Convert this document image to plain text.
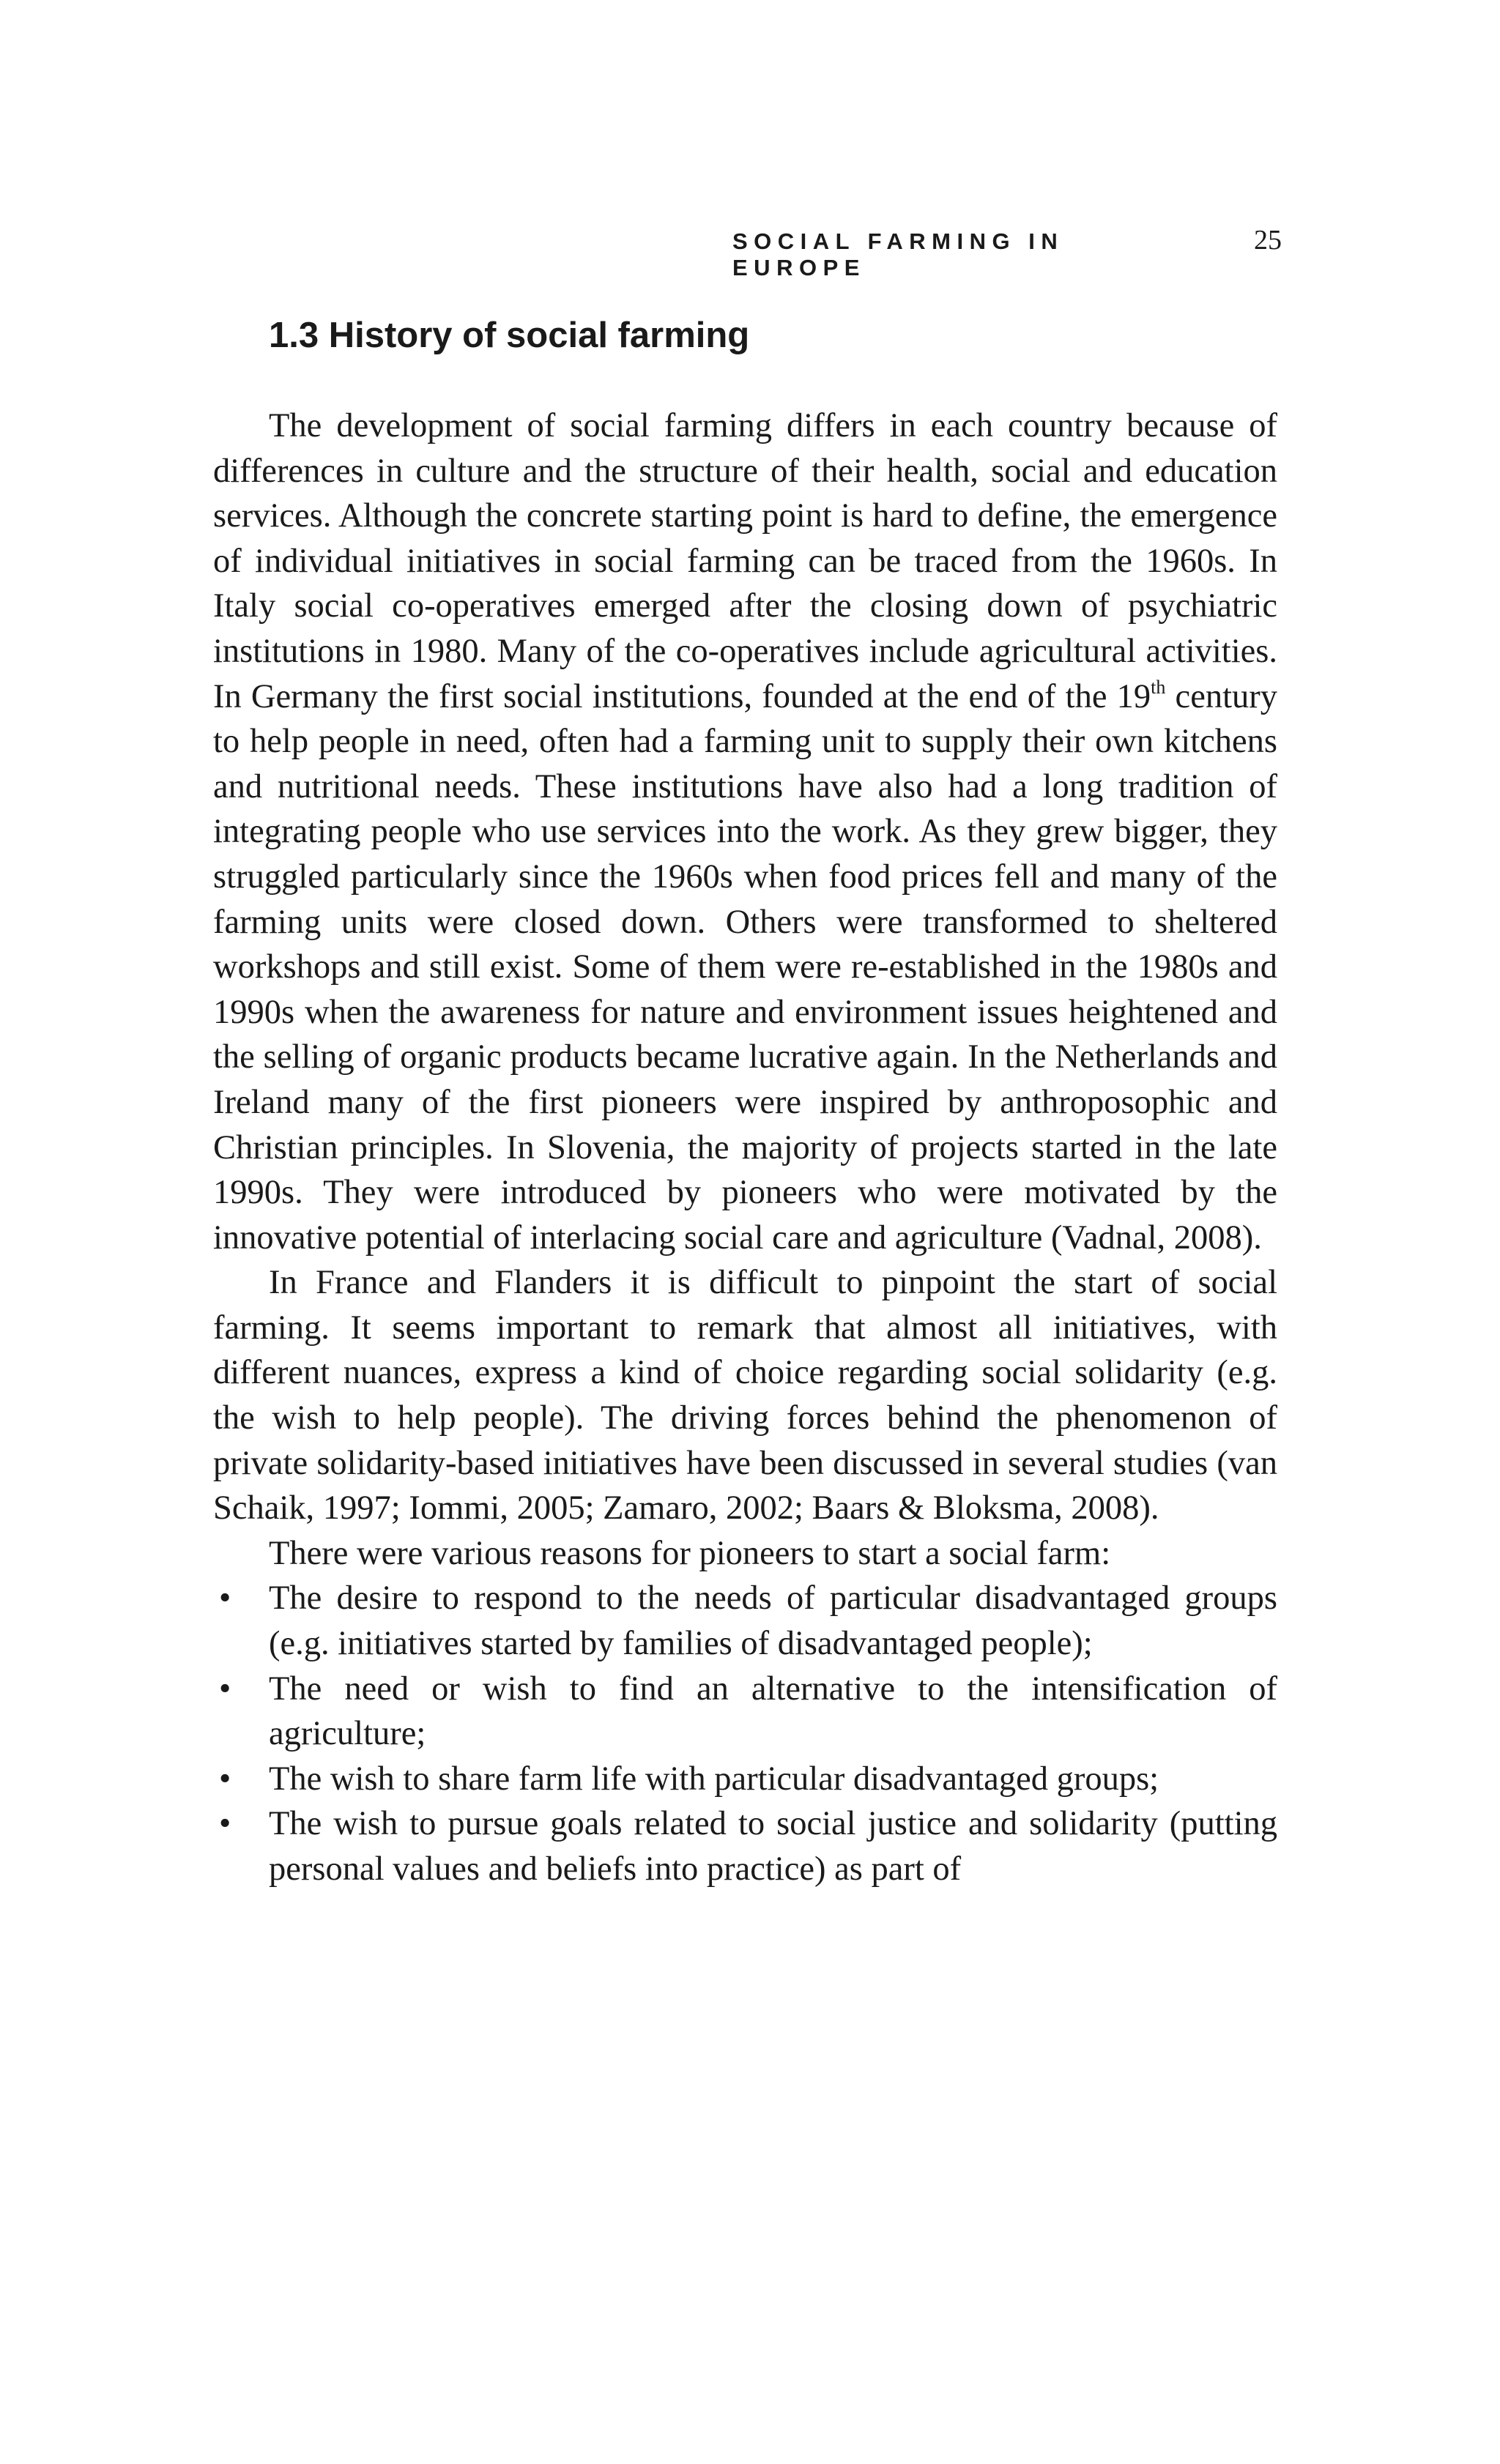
SOCIAL FARMING IN EUROPE
25
1.3 History of social farming

The development of social farming differs in each country because of differences in culture and the structure of their health, social and education services. Although the concrete starting point is hard to define, the emergence of individual initiatives in social farming can be traced from the 1960s. In Italy social co-operatives emerged after the closing down of psychiatric institutions in 1980. Many of the co-operatives include agricultural activities. In Germany the first social institutions, founded at the end of the 19th century to help people in need, often had a farming unit to supply their own kitchens and nutritional needs. These institutions have also had a long tradition of integrating people who use services into the work. As they grew bigger, they struggled particularly since the 1960s when food prices fell and many of the farming units were closed down. Others were transformed to sheltered workshops and still exist. Some of them were re-established in the 1980s and 1990s when the awareness for nature and environment issues heightened and the selling of organic products became lucrative again. In the Netherlands and Ireland many of the first pioneers were inspired by anthroposophic and Christian principles. In Slovenia, the majority of projects started in the late 1990s. They were introduced by pioneers who were motivated by the innovative potential of interlacing social care and agriculture (Vadnal, 2008).

In France and Flanders it is difficult to pinpoint the start of social farming. It seems important to remark that almost all initiatives, with different nuances, express a kind of choice regarding social solidarity (e.g. the wish to help people). The driving forces behind the phenomenon of private solidarity-based initiatives have been discussed in several studies (van Schaik, 1997; Iommi, 2005; Zamaro, 2002; Baars & Bloksma, 2008).

There were various reasons for pioneers to start a social farm:

• The desire to respond to the needs of particular disadvantaged groups (e.g. initiatives started by families of disadvantaged people);
• The need or wish to find an alternative to the intensification of agriculture;
• The wish to share farm life with particular disadvantaged groups;
• The wish to pursue goals related to social justice and solidarity (putting personal values and beliefs into practice) as part of
